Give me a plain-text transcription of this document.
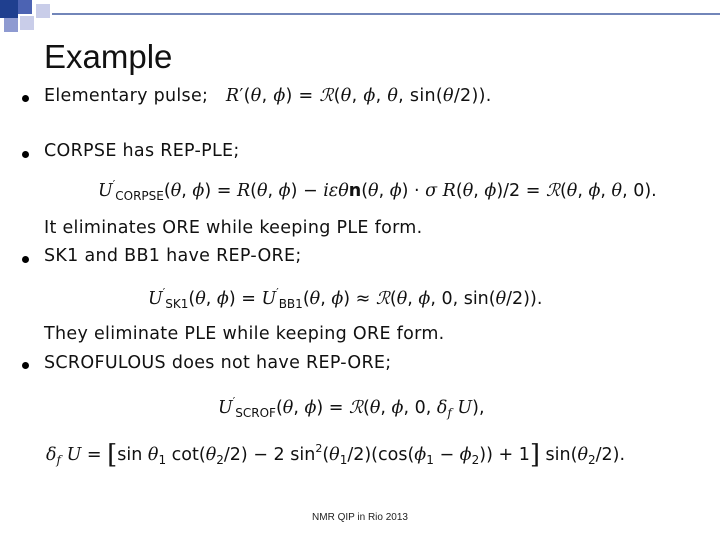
Example
Elementary pulse; R′(θ, ϕ) = ℛ(θ, ϕ, θ, sin(θ/2)).
CORPSE has REP-PLE;
$U'_{CORPSE}(\theta$, ϕ) = R(θ, ϕ) − iεθn(θ, ϕ) · σ R(θ, ϕ)/2 = ℛ(θ, ϕ, θ, 0).
It eliminates ORE while keeping PLE form.
SK1 and BB1 have REP-ORE;
$U'_{SK1}(\theta$, $\phi) = U'_{BB1}(\theta$, ϕ) ≈ ℛ(θ, ϕ, 0, sin(θ/2)).
They eliminate PLE while keeping ORE form.
SCROFULOUS does not have REP-ORE;
$U'_{SCROF}(\theta$, ϕ) = ℛ(θ, ϕ, 0, $\delta_f$ U),
$\delta_f$ U = [sin $\theta_1$ $\cot(\theta_2/2) - 2$ $\sin^2(\theta_1/2)(\cos(\phi_1 - \phi_2)) + 1$] $\sin(\theta_2/2)$.
NMR QIP in Rio 2013
